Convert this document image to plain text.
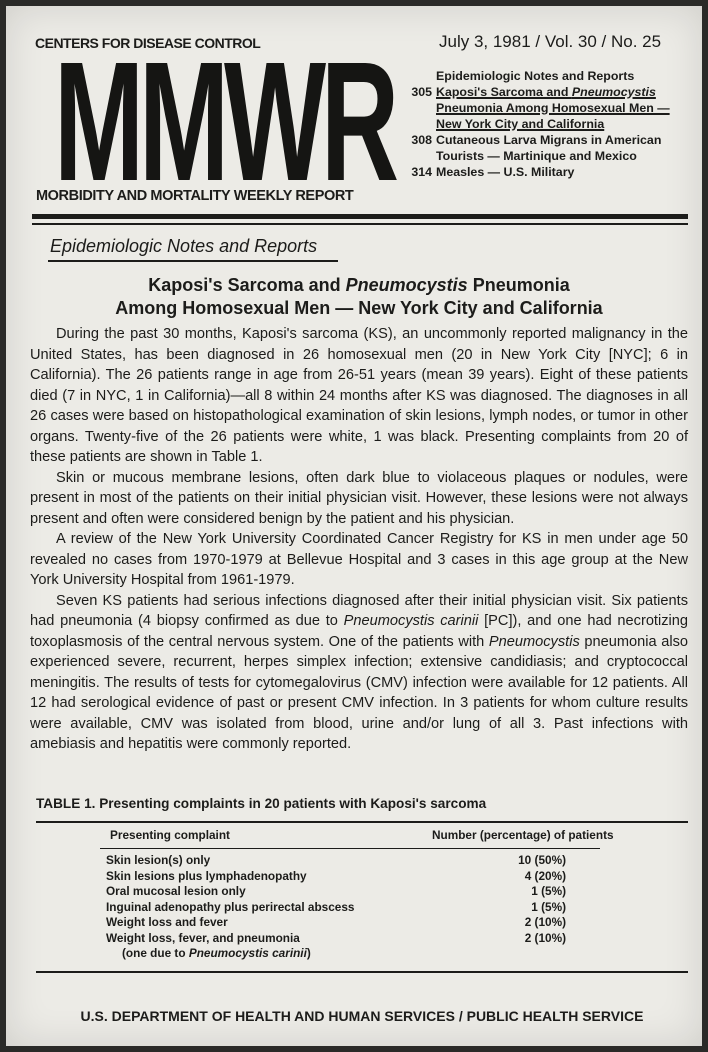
CENTERS FOR DISEASE CONTROL	July 3, 1981 / Vol. 30 / No. 25
MMWR	Epidemiologic Notes and Reports
305 Kaposi's Sarcoma and Pneumocystis
Pneumonia Among Homosexual Men —
New York City and California
308 Cutaneous Larva Migrans in American
Tourists — Martinique and Mexico
314 Measles — U.S. Military
MORBIDITY AND MORTALITY WEEKLY REPORT
Epidemiologic Notes and Reports
Kaposi's Sarcoma and Pneumocystis Pneumonia
Among Homosexual Men — New York City and California

During the past 30 months, Kaposi's sarcoma (KS), an uncommonly reported malignancy in the United States, has been diagnosed in 26 homosexual men (20 in New York City [NYC]; 6 in California). The 26 patients range in age from 26-51 years (mean 39 years). Eight of these patients died (7 in NYC, 1 in California)—all 8 within 24 months after KS was diagnosed. The diagnoses in all 26 cases were based on histopathological examination of skin lesions, lymph nodes, or tumor in other organs. Twenty-five of the 26 patients were white, 1 was black. Presenting complaints from 20 of these patients are shown in Table 1.

Skin or mucous membrane lesions, often dark blue to violaceous plaques or nodules, were present in most of the patients on their initial physician visit. However, these lesions were not always present and often were considered benign by the patient and his physician.

A review of the New York University Coordinated Cancer Registry for KS in men under age 50 revealed no cases from 1970-1979 at Bellevue Hospital and 3 cases in this age group at the New York University Hospital from 1961-1979.

Seven KS patients had serious infections diagnosed after their initial physician visit. Six patients had pneumonia (4 biopsy confirmed as due to Pneumocystis carinii [PC]), and one had necrotizing toxoplasmosis of the central nervous system. One of the patients with Pneumocystis pneumonia also experienced severe, recurrent, herpes simplex infection; extensive candidiasis; and cryptococcal meningitis. The results of tests for cytomegalovirus (CMV) infection were available for 12 patients. All 12 had serological evidence of past or present CMV infection. In 3 patients for whom culture results were available, CMV was isolated from blood, urine and/or lung of all 3. Past infections with amebiasis and hepatitis were commonly reported.

TABLE 1. Presenting complaints in 20 patients with Kaposi's sarcoma
Presenting complaint	Number (percentage) of patients
Skin lesion(s) only	10 (50%)
Skin lesions plus lymphadenopathy	4 (20%)
Oral mucosal lesion only	1 (5%)
Inguinal adenopathy plus perirectal abscess	1 (5%)
Weight loss and fever	2 (10%)
Weight loss, fever, and pneumonia	2 (10%)
(one due to Pneumocystis carinii)
U.S. DEPARTMENT OF HEALTH AND HUMAN SERVICES / PUBLIC HEALTH SERVICE
